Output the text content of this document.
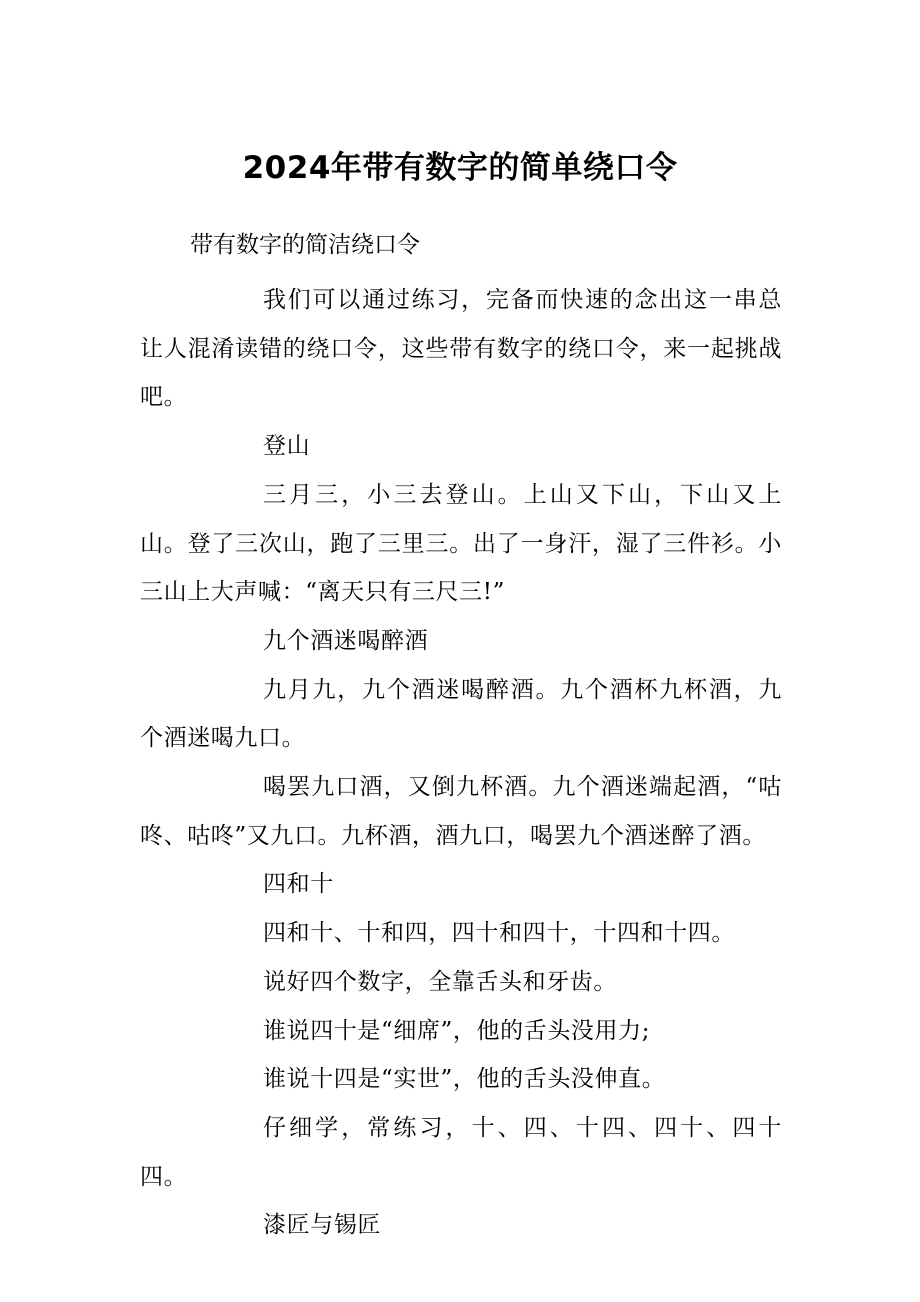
2024年带有数字的简单绕口令
带有数字的简洁绕口令

我们可以通过练习，完备而快速的念出这一串总让人混淆读错的绕口令，这些带有数字的绕口令，来一起挑战吧。

登山

三月三，小三去登山。上山又下山，下山又上山。登了三次山，跑了三里三。出了一身汗，湿了三件衫。小三山上大声喊：“离天只有三尺三!”

九个酒迷喝醉酒

九月九，九个酒迷喝醉酒。九个酒杯九杯酒，九个酒迷喝九口。

喝罢九口酒，又倒九杯酒。九个酒迷端起酒，“咕咚、咕咚”又九口。九杯酒，酒九口，喝罢九个酒迷醉了酒。

四和十

四和十、十和四，四十和四十，十四和十四。

说好四个数字，全靠舌头和牙齿。

谁说四十是“细席”，他的舌头没用力;

谁说十四是“实世”，他的舌头没伸直。

仔细学，常练习，十、四、十四、四十、四十四。

漆匠与锡匠
